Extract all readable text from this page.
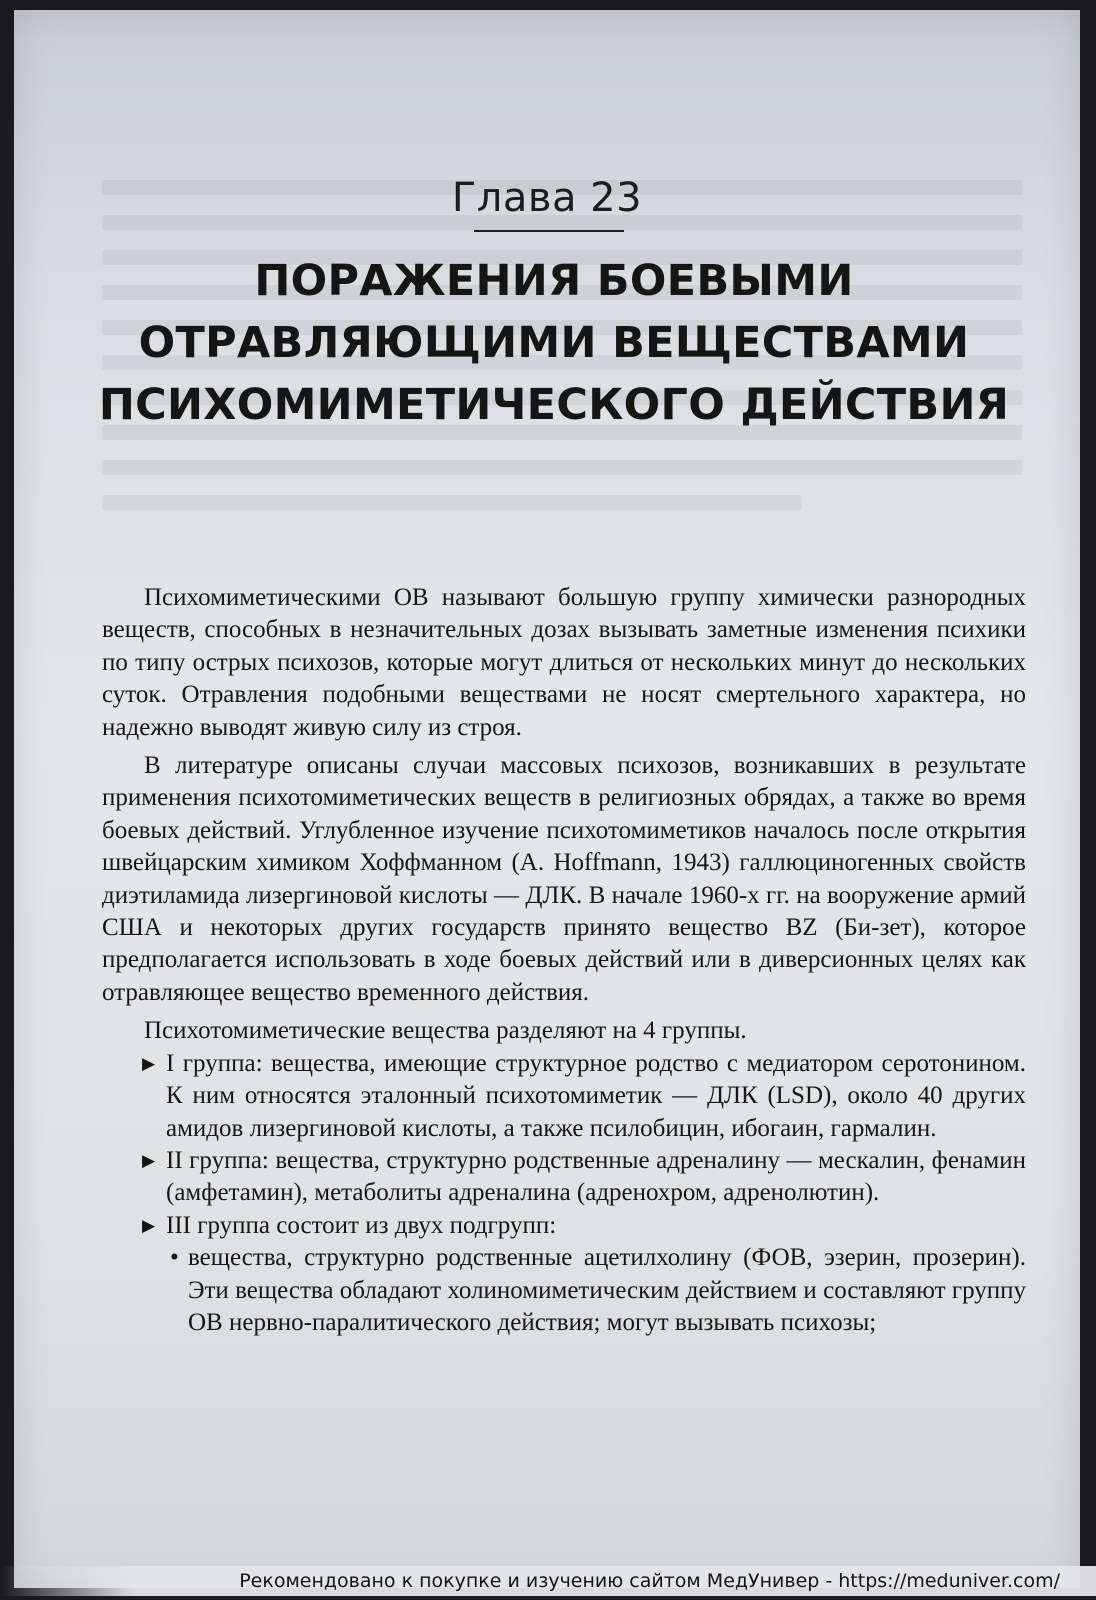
Глава 23
ПОРАЖЕНИЯ БОЕВЫМИ
ОТРАВЛЯЮЩИМИ ВЕЩЕСТВАМИ
ПСИХОМИМЕТИЧЕСКОГО ДЕЙСТВИЯ

Психомиметическими ОВ называют большую группу химически разнородных веществ, способных в незначительных дозах вызывать заметные изменения психики по типу острых психозов, которые могут длиться от нескольких минут до нескольких суток. Отравления подобными веществами не носят смертельного характера, но надежно выводят живую силу из строя.

В литературе описаны случаи массовых психозов, возникавших в результате применения психотомиметических веществ в религиозных обрядах, а также во время боевых действий. Углубленное изучение психотомиметиков началось после открытия швейцарским химиком Хоффманном (A. Hoffmann, 1943) галлюциногенных свойств диэтиламида лизергиновой кислоты — ДЛК. В начале 1960-х гг. на вооружение армий США и некоторых других государств принято вещество BZ (Би-зет), которое предполагается использовать в ходе боевых действий или в диверсионных целях как отравляющее вещество временного действия.

Психотомиметические вещества разделяют на 4 группы.

▶ I группа: вещества, имеющие структурное родство с медиатором серотонином. К ним относятся эталонный психотомиметик — ДЛК (LSD), около 40 других амидов лизергиновой кислоты, а также псилобицин, ибогаин, гармалин.
▶ II группа: вещества, структурно родственные адреналину — мескалин, фенамин (амфетамин), метаболиты адреналина (адренохром, адренолютин).
▶ III группа состоит из двух подгрупп:
• вещества, структурно родственные ацетилхолину (ФОВ, эзерин, прозерин). Эти вещества обладают холиномиметическим действием и составляют группу ОВ нервно-паралитического действия; могут вызывать психозы;
Рекомендовано к покупке и изучению сайтом МедУнивер - https://meduniver.com/
